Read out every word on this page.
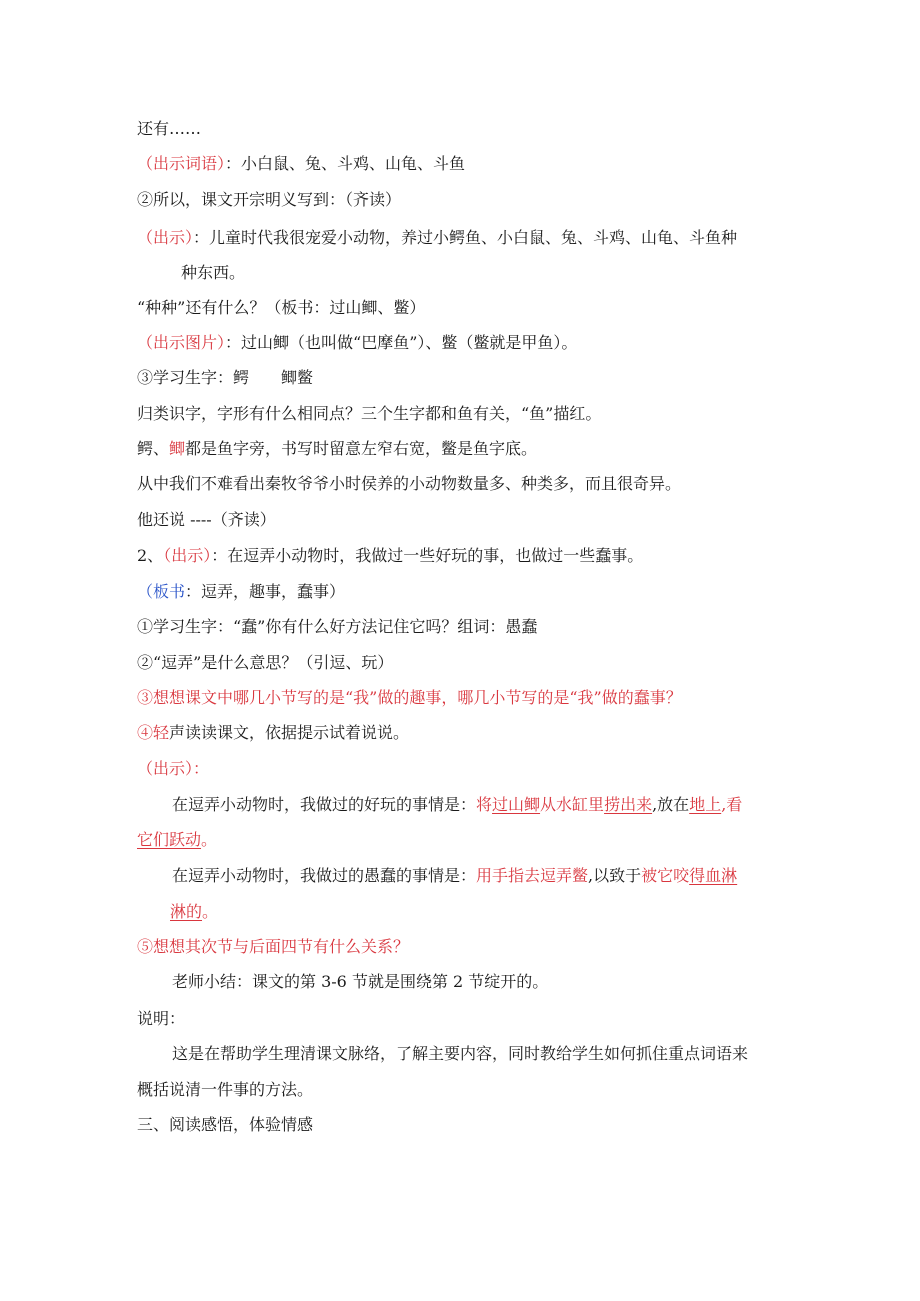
还有……
（出示词语）：小白鼠、兔、斗鸡、山龟、斗鱼
②所以，课文开宗明义写到：（齐读）
（出示）：儿童时代我很宠爱小动物，养过小鳄鱼、小白鼠、兔、斗鸡、山龟、斗鱼种
种东西。
“种种”还有什么？（板书：过山鲫、鳖）
（出示图片）：过山鲫（也叫做“巴摩鱼”）、鳖（鳖就是甲鱼）。
③学习生字：鳄　　鲫鳖
归类识字，字形有什么相同点？三个生字都和鱼有关，“鱼”描红。
鳄、鲫都是鱼字旁，书写时留意左窄右宽，鳖是鱼字底。
从中我们不难看出秦牧爷爷小时侯养的小动物数量多、种类多，而且很奇异。
他还说 ----（齐读）
2、（出示）：在逗弄小动物时，我做过一些好玩的事，也做过一些蠢事。
（板书：逗弄，趣事，蠢事）
①学习生字：“蠢”你有什么好方法记住它吗？组词：愚蠢
②“逗弄”是什么意思？（引逗、玩）
③想想课文中哪几小节写的是“我”做的趣事，哪几小节写的是“我”做的蠢事？
④轻声读读课文，依据提示试着说说。
（出示）：
在逗弄小动物时，我做过的好玩的事情是：将过山鲫从水缸里捞出来,放在地上,看
它们跃动。
在逗弄小动物时，我做过的愚蠢的事情是：用手指去逗弄鳖,以致于被它咬得血淋
淋的。
⑤想想其次节与后面四节有什么关系？
老师小结：课文的第 3-6 节就是围绕第 2 节绽开的。
说明：
这是在帮助学生理清课文脉络，了解主要内容，同时教给学生如何抓住重点词语来
概括说清一件事的方法。
三、阅读感悟，体验情感
